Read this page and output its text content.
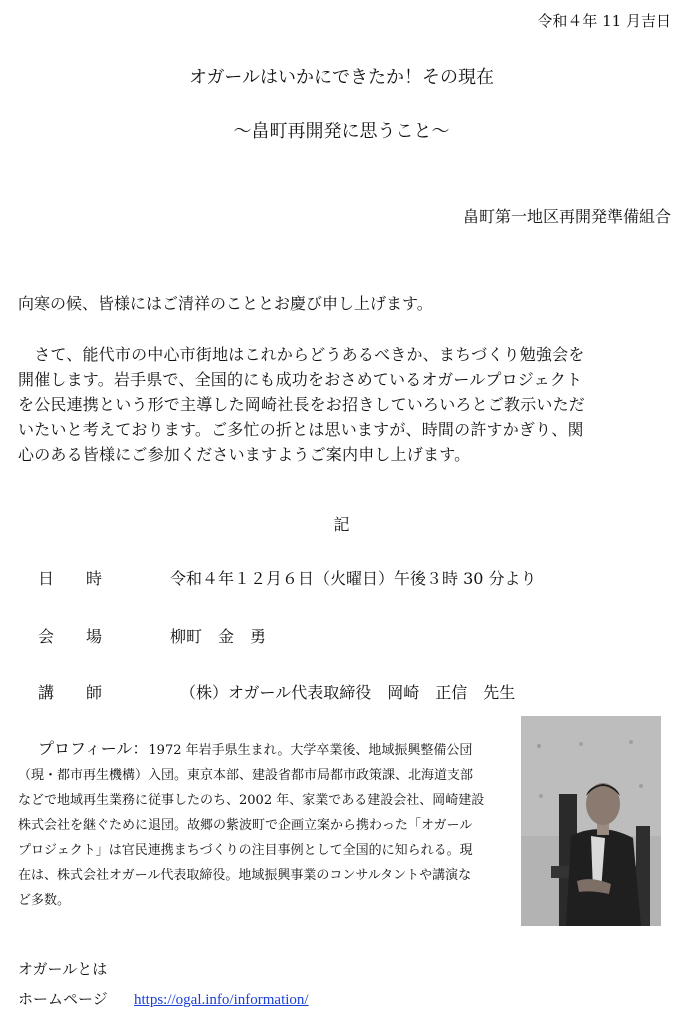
令和４年 11 月吉日
オガールはいかにできたか！その現在
〜畠町再開発に思うこと〜
畠町第一地区再開発準備組合
向寒の候、皆様にはご清祥のこととお慶び申し上げます。
　さて、能代市の中心市街地はこれからどうあるべきか、まちづくり勉強会を
開催します。岩手県で、全国的にも成功をおさめているオガールプロジェクト
を公民連携という形で主導した岡崎社長をお招きしていろいろとご教示いただ
いたいと考えております。ご多忙の折とは思いますが、時間の許すかぎり、関
心のある皆様にご参加くださいますようご案内申し上げます。
記
日　時	令和４年１２月６日（火曜日）午後３時 30 分より
会　場	柳町　金　勇
講　師	（株）オガール代表取締役　岡崎　正信　先生
プロフィール：1972 年岩手県生まれ。大学卒業後、地域振興整備公団
（現・都市再生機構）入団。東京本部、建設省都市局都市政策課、北海道支部
などで地域再生業務に従事したのち、2002 年、家業である建設会社、岡崎建設
株式会社を継ぐために退団。故郷の紫波町で企画立案から携わった「オガール
プロジェクト」は官民連携まちづくりの注目事例として全国的に知られる。現
在は、株式会社オガール代表取締役。地域振興事業のコンサルタントや講演な
ど多数。
オガールとは
ホームページ https://ogal.info/information/
